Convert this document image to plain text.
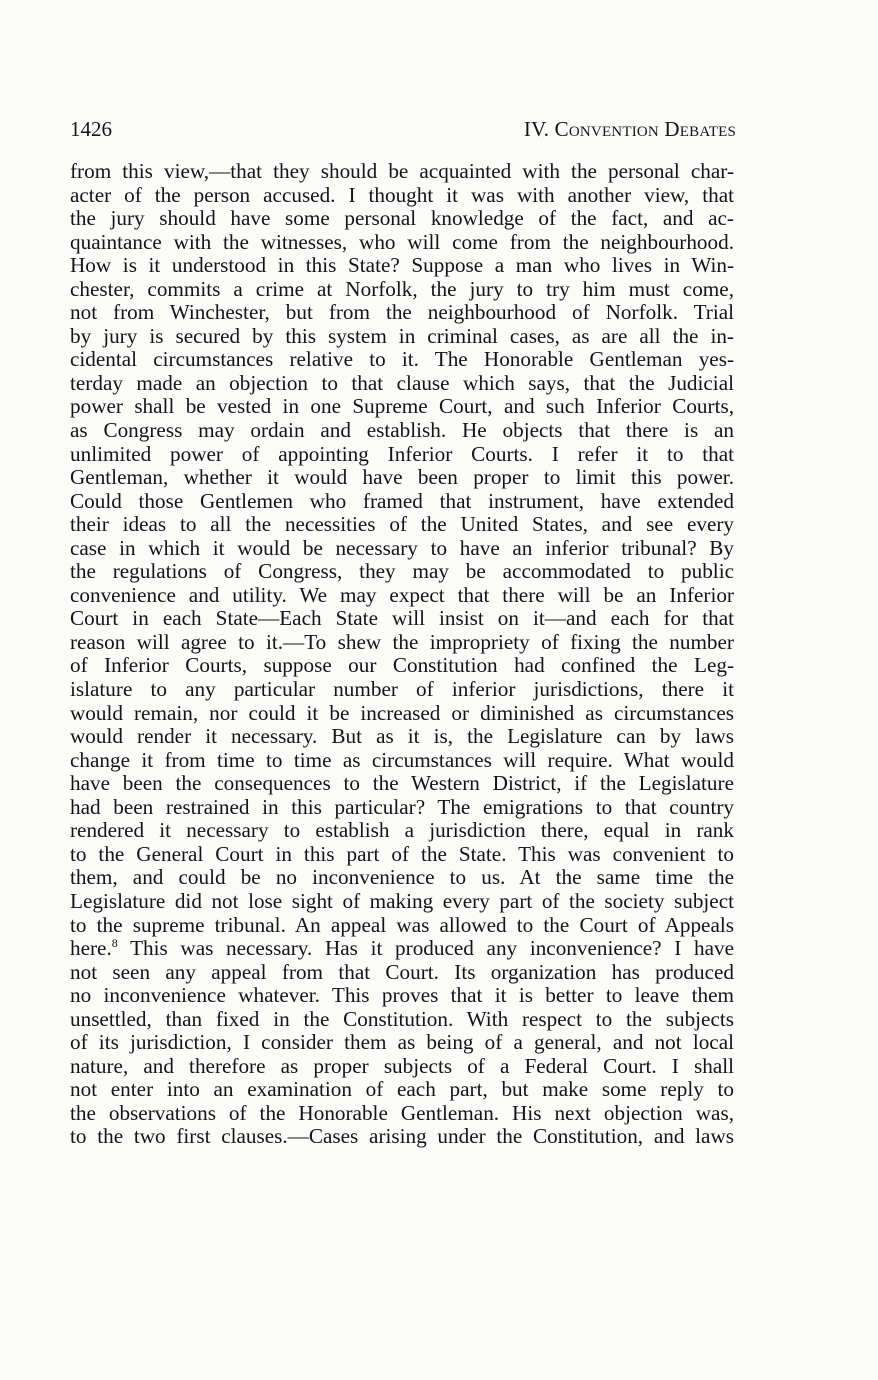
1426	IV. Convention Debates
from this view,—that they should be acquainted with the personal char-
acter of the person accused. I thought it was with another view, that
the jury should have some personal knowledge of the fact, and ac-
quaintance with the witnesses, who will come from the neighbourhood.
How is it understood in this State? Suppose a man who lives in Win-
chester, commits a crime at Norfolk, the jury to try him must come,
not from Winchester, but from the neighbourhood of Norfolk. Trial
by jury is secured by this system in criminal cases, as are all the in-
cidental circumstances relative to it. The Honorable Gentleman yes-
terday made an objection to that clause which says, that the Judicial
power shall be vested in one Supreme Court, and such Inferior Courts,
as Congress may ordain and establish. He objects that there is an
unlimited power of appointing Inferior Courts. I refer it to that
Gentleman, whether it would have been proper to limit this power.
Could those Gentlemen who framed that instrument, have extended
their ideas to all the necessities of the United States, and see every
case in which it would be necessary to have an inferior tribunal? By
the regulations of Congress, they may be accommodated to public
convenience and utility. We may expect that there will be an Inferior
Court in each State—Each State will insist on it—and each for that
reason will agree to it.—To shew the impropriety of fixing the number
of Inferior Courts, suppose our Constitution had confined the Leg-
islature to any particular number of inferior jurisdictions, there it
would remain, nor could it be increased or diminished as circumstances
would render it necessary. But as it is, the Legislature can by laws
change it from time to time as circumstances will require. What would
have been the consequences to the Western District, if the Legislature
had been restrained in this particular? The emigrations to that country
rendered it necessary to establish a jurisdiction there, equal in rank
to the General Court in this part of the State. This was convenient to
them, and could be no inconvenience to us. At the same time the
Legislature did not lose sight of making every part of the society subject
to the supreme tribunal. An appeal was allowed to the Court of Appeals
here.$^8$ This was necessary. Has it produced any inconvenience? I have
not seen any appeal from that Court. Its organization has produced
no inconvenience whatever. This proves that it is better to leave them
unsettled, than fixed in the Constitution. With respect to the subjects
of its jurisdiction, I consider them as being of a general, and not local
nature, and therefore as proper subjects of a Federal Court. I shall
not enter into an examination of each part, but make some reply to
the observations of the Honorable Gentleman. His next objection was,
to the two first clauses.—Cases arising under the Constitution, and laws
